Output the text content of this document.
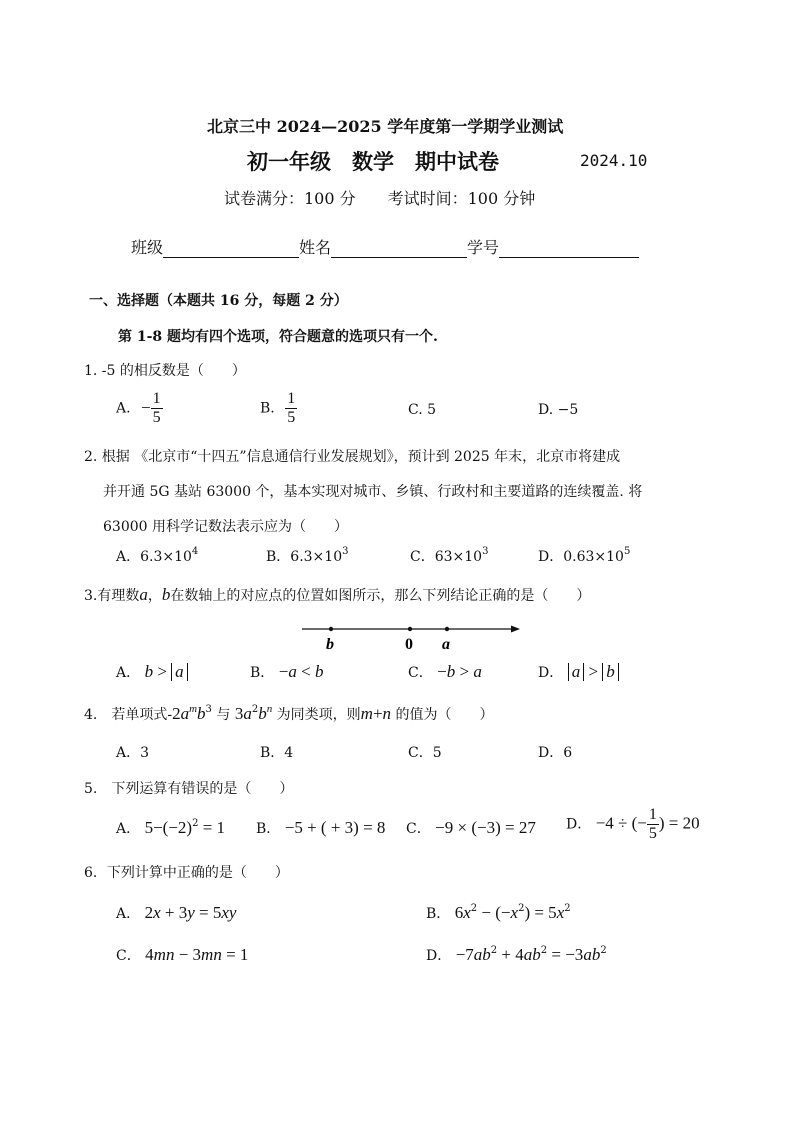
北京三中 2024—2025 学年度第一学期学业测试
初一年级　数学　期中试卷	2024.10
试卷满分：100 分　　考试时间：100 分钟
班级	姓名	学号
一、选择题（本题共 16 分，每题 2 分）
第 1-8 题均有四个选项，符合题意的选项只有一个.
1. -5 的相反数是（　　）
A. − $\frac{1}{5}$	B. $\frac{1}{5}$	C. 5	D. −5
2. 根据 《北京市“十四五”信息通信行业发展规划》，预计到 2025 年末，北京市将建成
并开通 5G 基站 63000 个，基本实现对城市、乡镇、行政村和主要道路的连续覆盖. 将
63000 用科学记数法表示应为（　　）
A．$6.3\times 10^4$	B．$6.3\times 10^3$	C．$63\times 10^3$	D．$0.63\times 10^5$
3.有理数a，b在数轴上的对应点的位置如图所示，那么下列结论正确的是（　　）
b	0 a
A． b > a	B． −a < b	C． −b > a	D． a > b
4.　若单项式$-2a^mb^3$ 与 $3a^2b^n$ 为同类项，则m+n 的值为（　　）
A．3	B．4	C．5	D．6
5.　下列运算有错误的是（　　）
A． $5-(-2)^2 = 1$ B． −5 + ( + 3) = 8 C． −9 × (−3) = 27 D． −4 ÷ (− $\frac{1}{5}$ ) = 20
6．下列计算中正确的是（　　）
A． 2x + 3y = 5xy	B． $6x^2 - (-x^2) = 5x^2$
C． 4mn − 3mn = 1	D． $-7ab^2 + 4ab^2 = -3ab^2$
